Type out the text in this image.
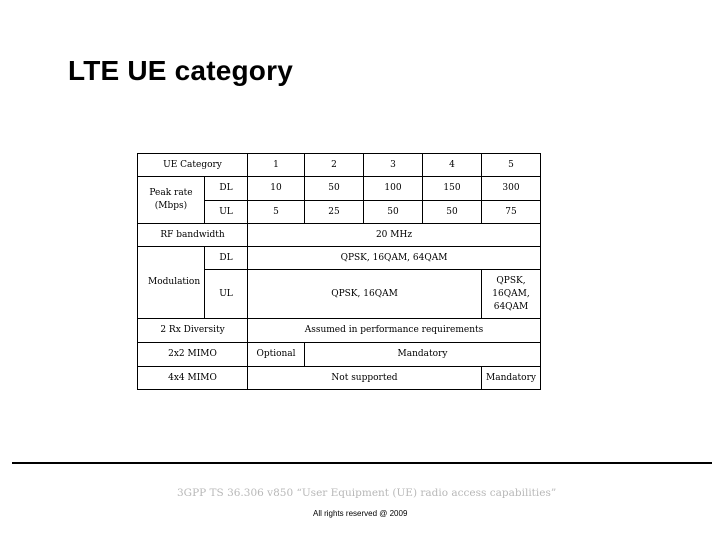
LTE UE category
UE Category		1	2	3	4	5
Peak rate (Mbps)	DL	10	50	100	150	300
	UL	5	25	50	50	75
RF bandwidth		20 MHz				
Modulation	DL	QPSK, 16QAM, 64QAM				
	UL	QPSK, 16QAM				QPSK, 16QAM, 64QAM
2 Rx Diversity		Assumed in performance requirements				
2x2 MIMO		Optional	Mandatory			
4x4 MIMO		Not supported				Mandatory
3GPP TS 36.306 v850 “User Equipment (UE) radio access capabilities”
All rights reserved @ 2009
